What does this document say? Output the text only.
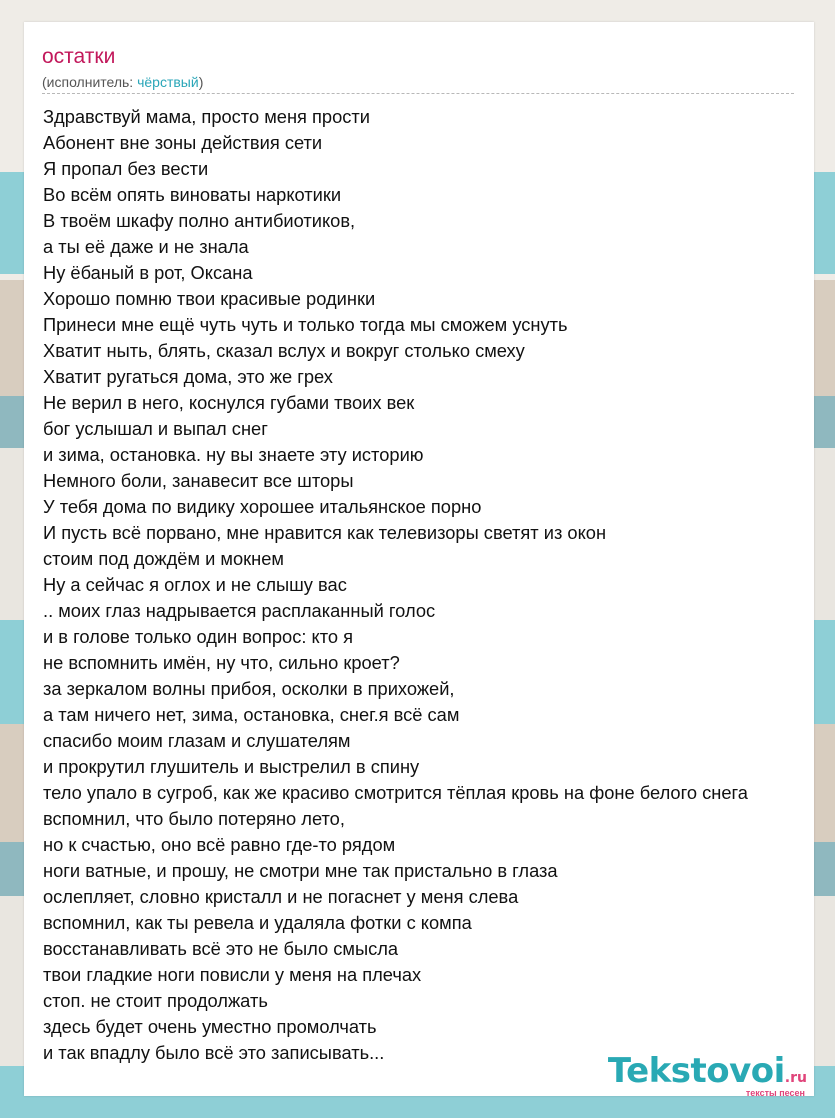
остатки
(исполнитель: чёрствый)
Здравствуй мама, просто меня прости
Абонент вне зоны действия сети
Я пропал без вести
Во всём опять виноваты наркотики
В твоём шкафу полно антибиотиков,
а ты её даже и не знала
Ну ёбаный в рот, Оксана
Хорошо помню твои красивые родинки
Принеси мне ещё чуть чуть и только тогда мы сможем уснуть
Хватит ныть, блять, сказал вслух и вокруг столько смеху
Хватит ругаться дома, это же грех
Не верил в него, коснулся губами твоих век
бог услышал и выпал снег
и зима, остановка. ну вы знаете эту историю
Немного боли, занавесит все шторы
У тебя дома по видику хорошее итальянское порно
И пусть всё порвано, мне нравится как телевизоры светят из окон
стоим под дождём и мокнем
Ну а сейчас я оглох и не слышу вас
.. моих глаз надрывается расплаканный голос
и в голове только один вопрос: кто я
не вспомнить имён, ну что, сильно кроет?
за зеркалом волны прибоя, осколки в прихожей,
а там ничего нет, зима, остановка, снег.я всё сам
спасибо моим глазам и слушателям
и прокрутил глушитель и выстрелил в спину
тело упало в сугроб, как же красиво смотрится тёплая кровь на фоне белого снега
вспомнил, что было потеряно лето,
но к счастью, оно всё равно где-то рядом
ноги ватные, и прошу, не смотри мне так пристально в глаза
ослепляет, словно кристалл и не погаснет у меня слева
вспомнил, как ты ревела и удаляла фотки с компа
восстанавливать всё это не было смысла
твои гладкие ноги повисли у меня на плечах
стоп. не стоит продолжать
здесь будет очень уместно промолчать
и так впадлу было всё это записывать...	Tekstovoi.ru
тексты песен
